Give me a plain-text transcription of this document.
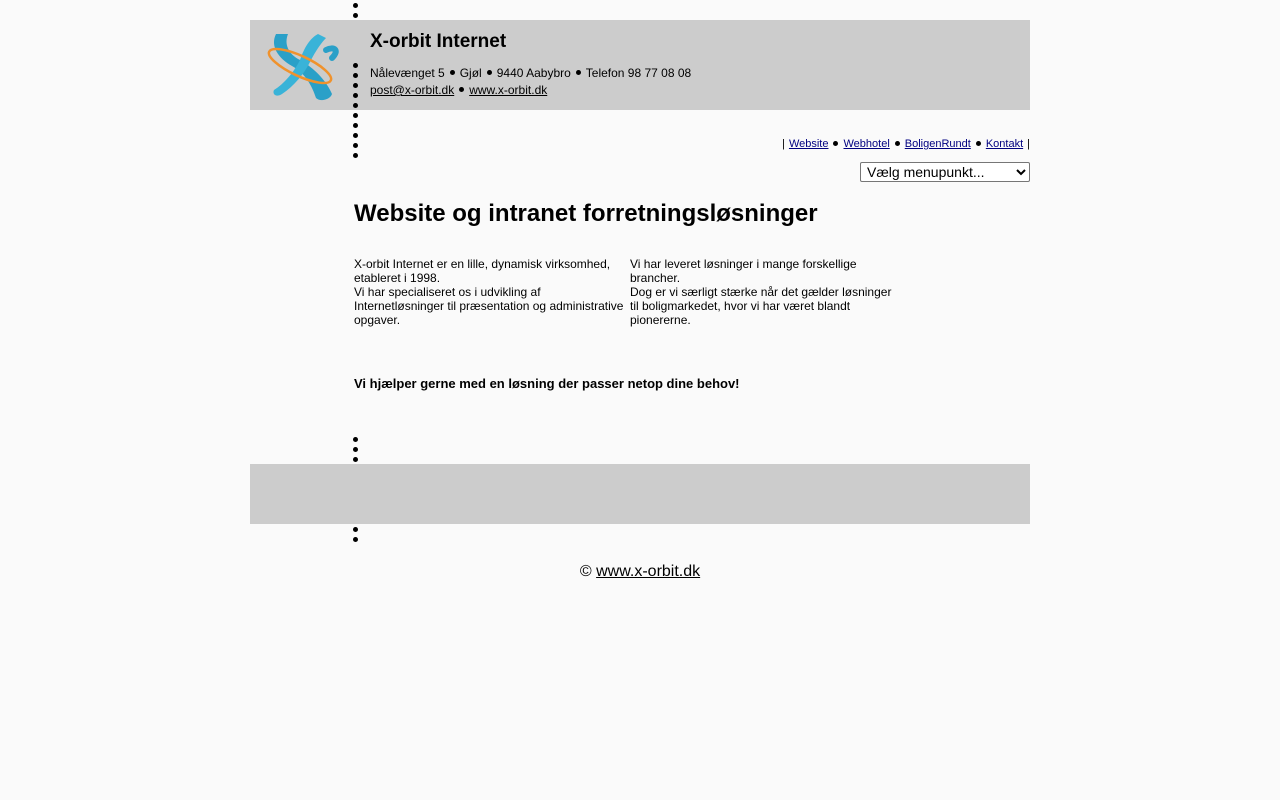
X-orbit Internet
Nålevænget 5 Gjøl 9440 Aabybro Telefon 98 77 08 08
post@x-orbit.dk www.x-orbit.dk
| Website Webhotel BoligenRundt Kontakt |
Vælg menupunkt...
Website og intranet forretningsløsninger

X-orbit Internet er en lille, dynamisk virksomhed, etableret i 1998.

Vi har specialiseret os i udvikling af Internetløsninger til præsentation og administrative opgaver.

Vi har leveret løsninger i mange forskellige brancher.

Dog er vi særligt stærke når det gælder løsninger til boligmarkedet, hvor vi har været blandt pionererne.

Vi hjælper gerne med en løsning der passer netop dine behov!
© www.x-orbit.dk
